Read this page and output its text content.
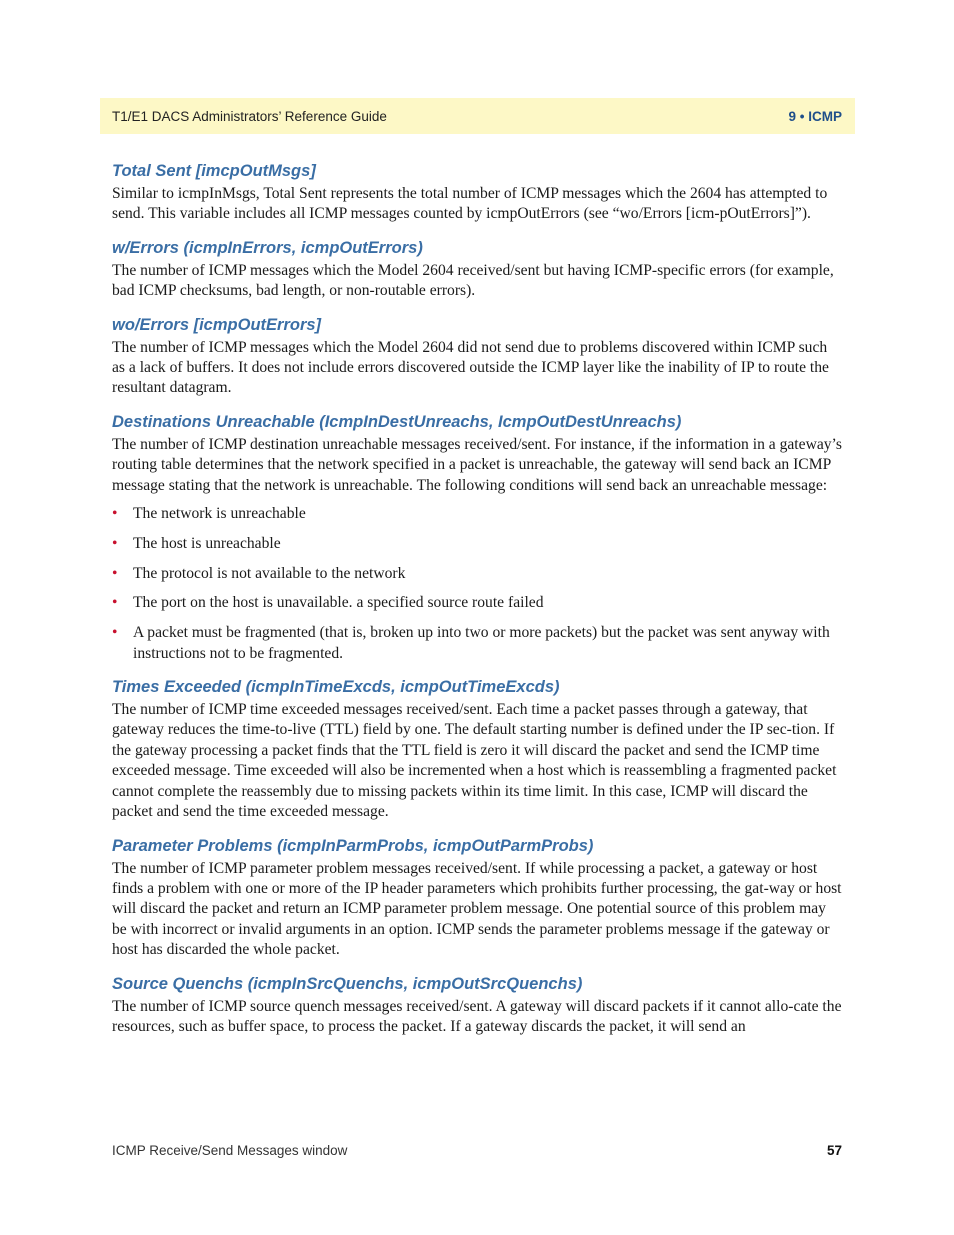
T1/E1 DACS Administrators’ Reference Guide	9 • ICMP
Total Sent [imcpOutMsgs]

Similar to icmpInMsgs, Total Sent represents the total number of ICMP messages which the 2604 has attempted to send. This variable includes all ICMP messages counted by icmpOutErrors (see “wo/Errors [icm-pOutErrors]”).

w/Errors (icmpInErrors, icmpOutErrors)

The number of ICMP messages which the Model 2604 received/sent but having ICMP-specific errors (for example, bad ICMP checksums, bad length, or non-routable errors).

wo/Errors [icmpOutErrors]

The number of ICMP messages which the Model 2604 did not send due to problems discovered within ICMP such as a lack of buffers. It does not include errors discovered outside the ICMP layer like the inability of IP to route the resultant datagram.

Destinations Unreachable (IcmpInDestUnreachs, IcmpOutDestUnreachs)

The number of ICMP destination unreachable messages received/sent. For instance, if the information in a gateway’s routing table determines that the network specified in a packet is unreachable, the gateway will send back an ICMP message stating that the network is unreachable. The following conditions will send back an unreachable message:

• The network is unreachable
• The host is unreachable
• The protocol is not available to the network
• The port on the host is unavailable. a specified source route failed
• A packet must be fragmented (that is, broken up into two or more packets) but the packet was sent anyway with instructions not to be fragmented.
Times Exceeded (icmpInTimeExcds, icmpOutTimeExcds)

The number of ICMP time exceeded messages received/sent. Each time a packet passes through a gateway, that gateway reduces the time-to-live (TTL) field by one. The default starting number is defined under the IP sec-tion. If the gateway processing a packet finds that the TTL field is zero it will discard the packet and send the ICMP time exceeded message. Time exceeded will also be incremented when a host which is reassembling a fragmented packet cannot complete the reassembly due to missing packets within its time limit. In this case, ICMP will discard the packet and send the time exceeded message.

Parameter Problems (icmpInParmProbs, icmpOutParmProbs)

The number of ICMP parameter problem messages received/sent. If while processing a packet, a gateway or host finds a problem with one or more of the IP header parameters which prohibits further processing, the gat-way or host will discard the packet and return an ICMP parameter problem message. One potential source of this problem may be with incorrect or invalid arguments in an option. ICMP sends the parameter problems message if the gateway or host has discarded the whole packet.

Source Quenchs (icmpInSrcQuenchs, icmpOutSrcQuenchs)

The number of ICMP source quench messages received/sent. A gateway will discard packets if it cannot allo-cate the resources, such as buffer space, to process the packet. If a gateway discards the packet, it will send an

ICMP Receive/Send Messages window	57
